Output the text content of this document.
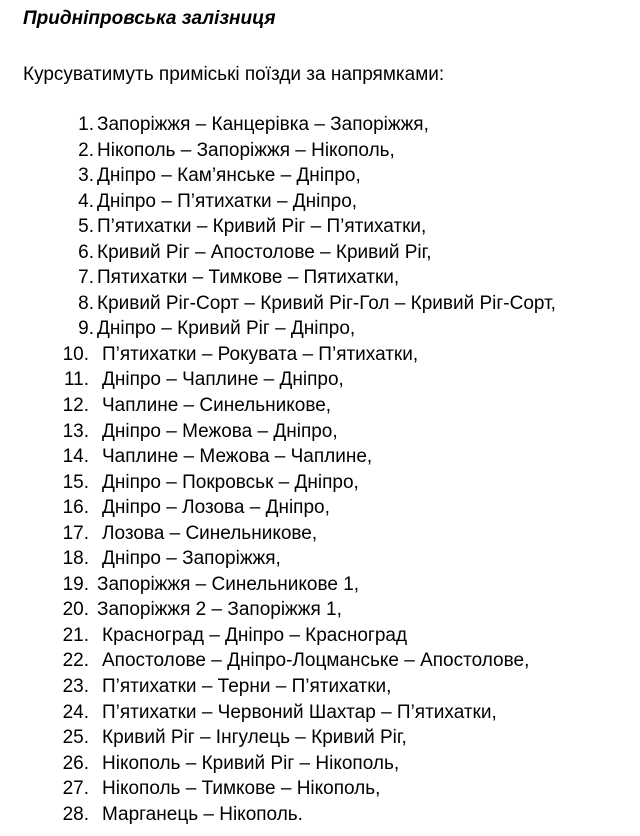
Придніпровська залізниця

Курсуватимуть приміські поїзди за напрямками:

1. Запоріжжя – Канцерівка – Запоріжжя,
2. Нікополь – Запоріжжя – Нікополь,
3. Дніпро – Кам’янське – Дніпро,
4. Дніпро – П’ятихатки – Дніпро,
5. П’ятихатки – Кривий Ріг – П’ятихатки,
6. Кривий Ріг – Апостолове – Кривий Ріг,
7. Пятихатки – Тимкове – Пятихатки,
8. Кривий Ріг-Сорт – Кривий Ріг-Гол – Кривий Ріг-Сорт,
9. Дніпро – Кривий Ріг – Дніпро,
10. П’ятихатки – Рокувата – П’ятихатки,
11. Дніпро – Чаплине – Дніпро,
12. Чаплине – Синельникове,
13. Дніпро – Межова – Дніпро,
14. Чаплине – Межова – Чаплине,
15. Дніпро – Покровськ – Дніпро,
16. Дніпро – Лозова – Дніпро,
17. Лозова – Синельникове,
18. Дніпро – Запоріжжя,
19. Запоріжжя – Синельникове 1,
20. Запоріжжя 2 – Запоріжжя 1,
21. Красноград – Дніпро – Красноград
22. Апостолове – Дніпро-Лоцманське – Апостолове,
23. П’ятихатки – Терни – П’ятихатки,
24. П’ятихатки – Червоний Шахтар – П’ятихатки,
25. Кривий Ріг – Інгулець – Кривий Ріг,
26. Нікополь – Кривий Ріг – Нікополь,
27. Нікополь – Тимкове – Нікополь,
28. Марганець – Нікополь.
